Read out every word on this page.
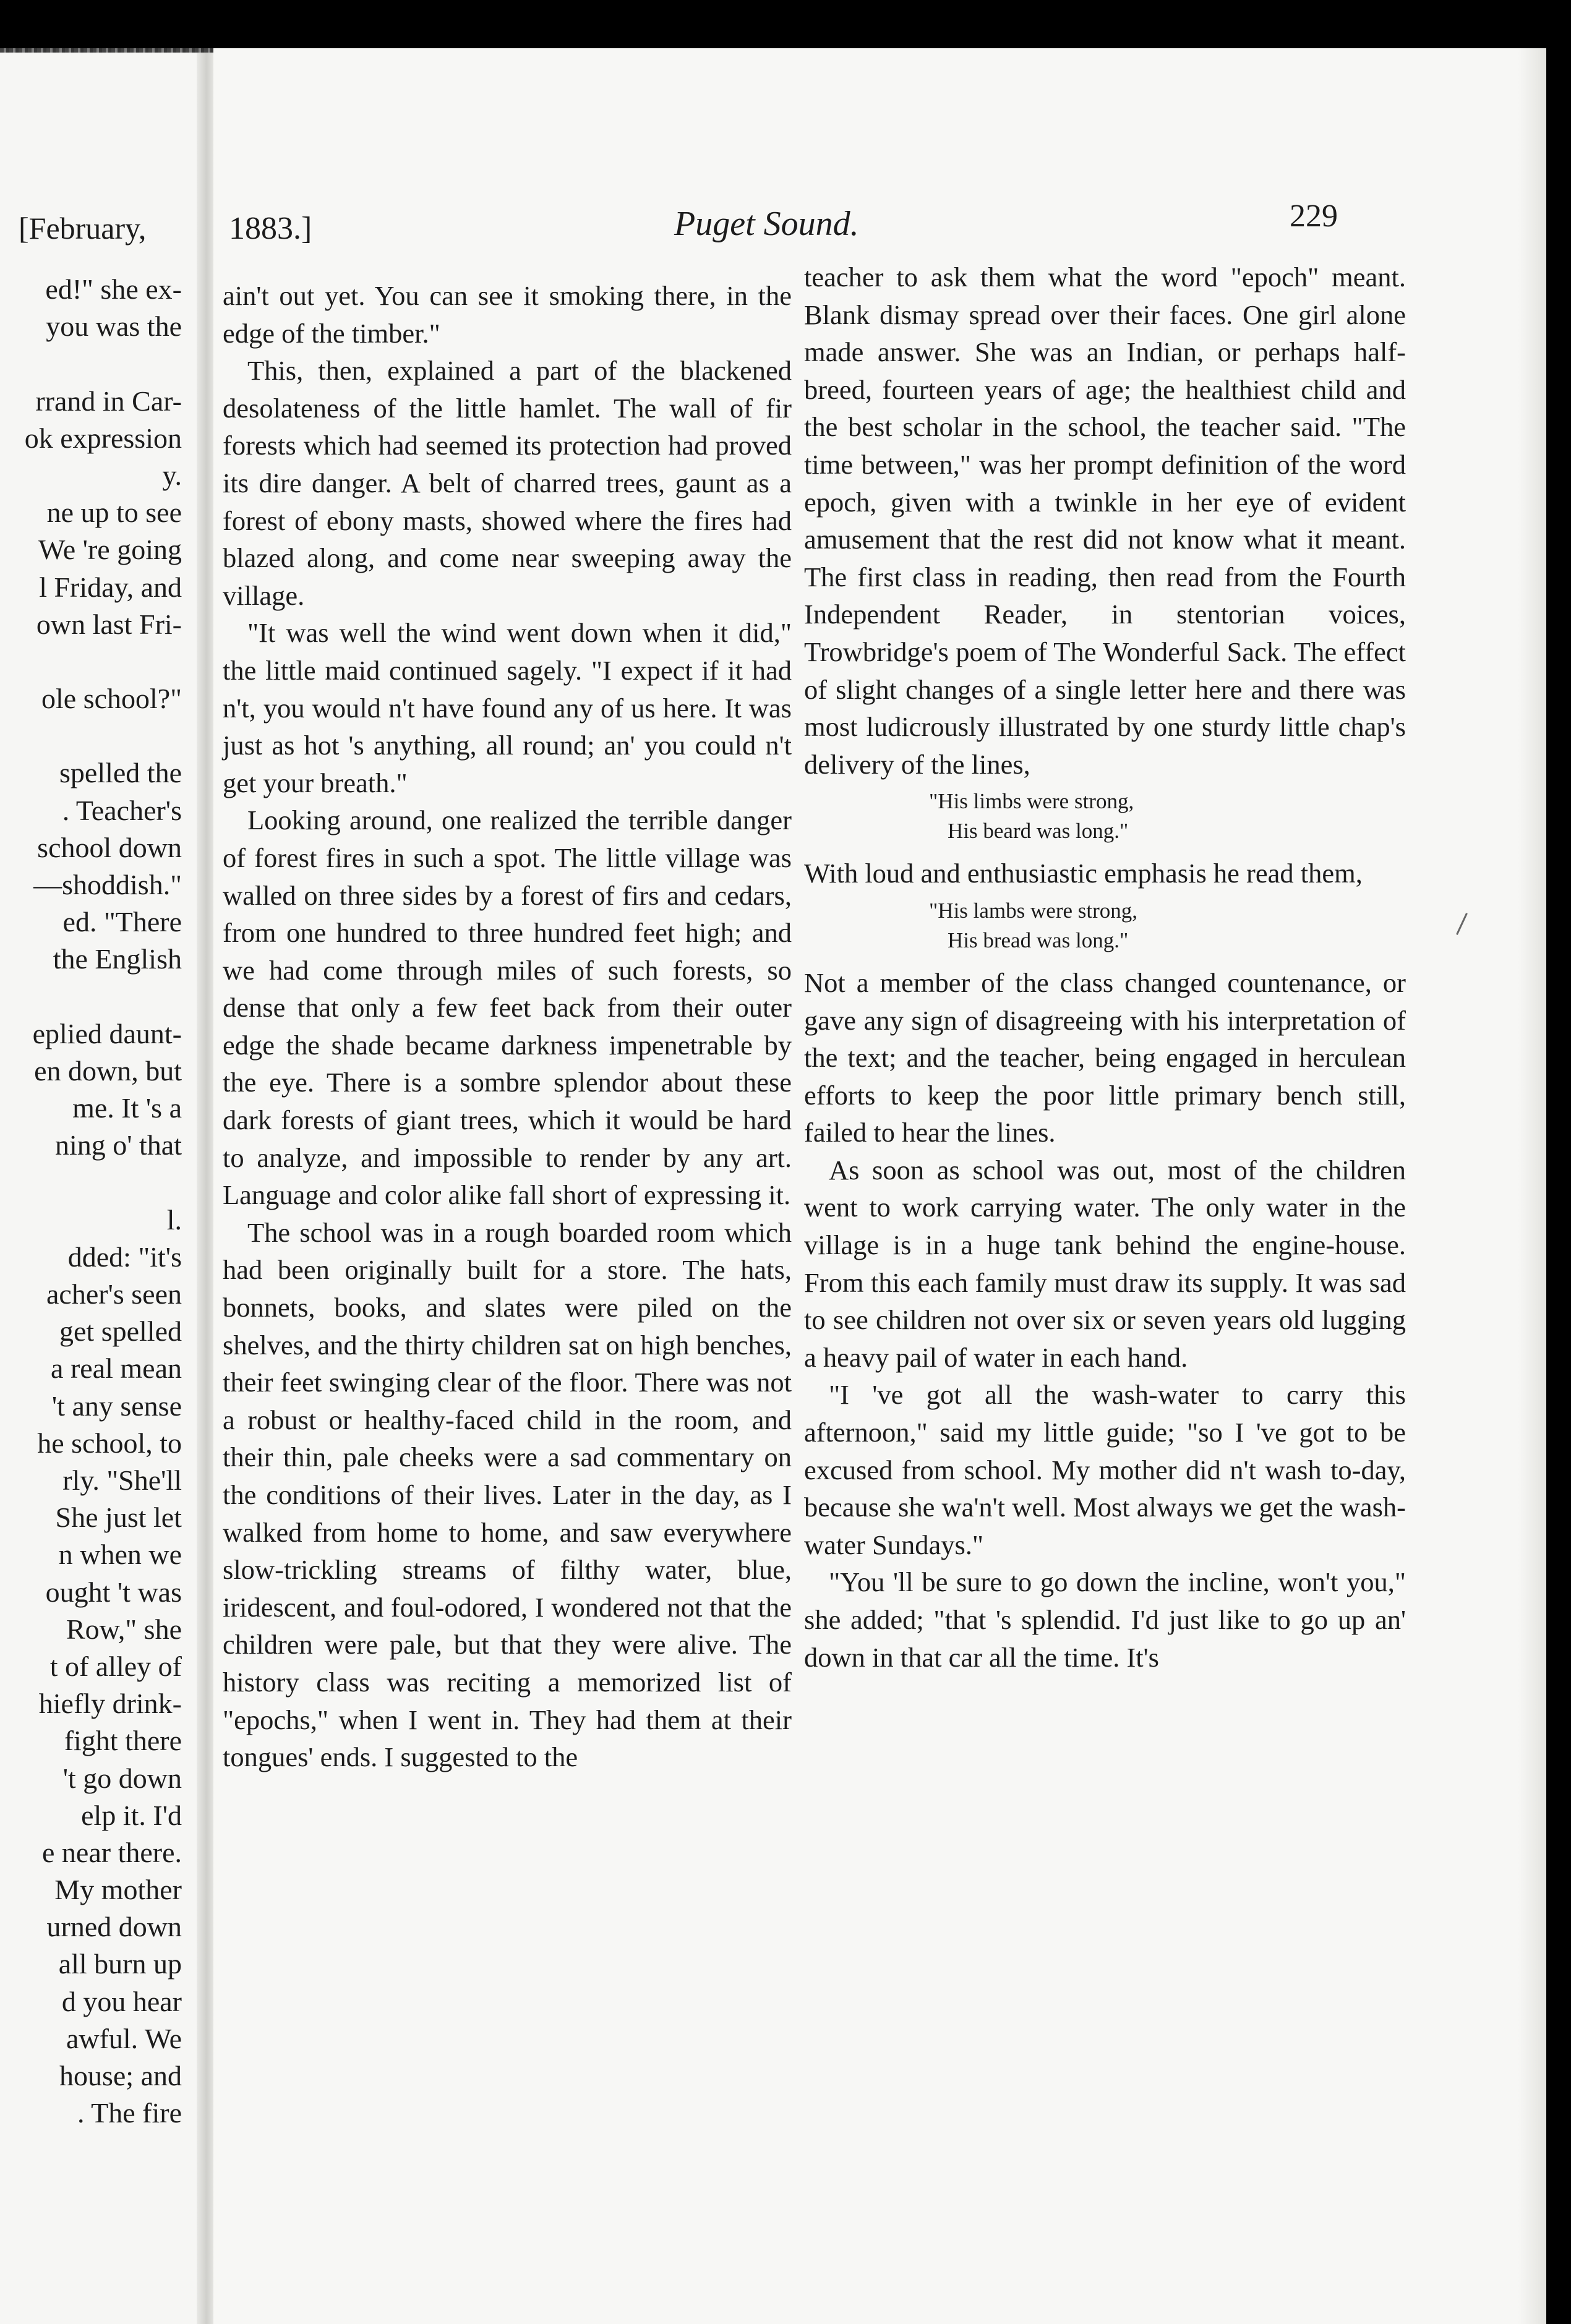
[February,
ed!" she ex-
you was the
rrand in Car-
ok expression
y.
ne up to see
We 're going
l Friday, and
own last Fri-
ole school?"
spelled the
. Teacher's
school down
—shoddish."
ed. "There
the English
eplied daunt-
en down, but
me. It 's a
ning o' that
l.
dded: "it's
acher's seen
get spelled
a real mean
't any sense
he school, to
rly. "She'll
She just let
n when we
ought 't was
Row," she
t of alley of
hiefly drink-
fight there
't go down
elp it. I'd
e near there.
My mother
urned down
all burn up
d you hear
awful. We
house; and
. The fire
1883.]	Puget Sound.	229

ain't out yet. You can see it smoking there, in the edge of the timber."

This, then, explained a part of the blackened desolateness of the little hamlet. The wall of fir forests which had seemed its protection had proved its dire danger. A belt of charred trees, gaunt as a forest of ebony masts, showed where the fires had blazed along, and come near sweeping away the village.

"It was well the wind went down when it did," the little maid continued sagely. "I expect if it had n't, you would n't have found any of us here. It was just as hot 's anything, all round; an' you could n't get your breath."

Looking around, one realized the terrible danger of forest fires in such a spot. The little village was walled on three sides by a forest of firs and cedars, from one hundred to three hundred feet high; and we had come through miles of such forests, so dense that only a few feet back from their outer edge the shade became darkness impenetrable by the eye. There is a sombre splendor about these dark forests of giant trees, which it would be hard to analyze, and impossible to render by any art. Language and color alike fall short of expressing it.

The school was in a rough boarded room which had been originally built for a store. The hats, bonnets, books, and slates were piled on the shelves, and the thirty children sat on high benches, their feet swinging clear of the floor. There was not a robust or healthy-faced child in the room, and their thin, pale cheeks were a sad commentary on the conditions of their lives. Later in the day, as I walked from home to home, and saw everywhere slow-trickling streams of filthy water, blue, iridescent, and foul-odored, I wondered not that the children were pale, but that they were alive. The history class was reciting a memorized list of "epochs," when I went in. They had them at their tongues' ends. I suggested to the

teacher to ask them what the word "epoch" meant. Blank dismay spread over their faces. One girl alone made answer. She was an Indian, or perhaps half-breed, fourteen years of age; the healthiest child and the best scholar in the school, the teacher said. "The time between," was her prompt definition of the word epoch, given with a twinkle in her eye of evident amusement that the rest did not know what it meant. The first class in reading, then read from the Fourth Independent Reader, in stentorian voices, Trowbridge's poem of The Wonderful Sack. The effect of slight changes of a single letter here and there was most ludicrously illustrated by one sturdy little chap's delivery of the lines,

"His limbs were strong,
His beard was long."

With loud and enthusiastic emphasis he read them,

"His lambs were strong,
His bread was long."

Not a member of the class changed countenance, or gave any sign of disagreeing with his interpretation of the text; and the teacher, being engaged in herculean efforts to keep the poor little primary bench still, failed to hear the lines.

As soon as school was out, most of the children went to work carrying water. The only water in the village is in a huge tank behind the engine-house. From this each family must draw its supply. It was sad to see children not over six or seven years old lugging a heavy pail of water in each hand.

"I 've got all the wash-water to carry this afternoon," said my little guide; "so I 've got to be excused from school. My mother did n't wash to-day, because she wa'n't well. Most always we get the wash-water Sundays."

"You 'll be sure to go down the incline, won't you," she added; "that 's splendid. I'd just like to go up an' down in that car all the time. It's
